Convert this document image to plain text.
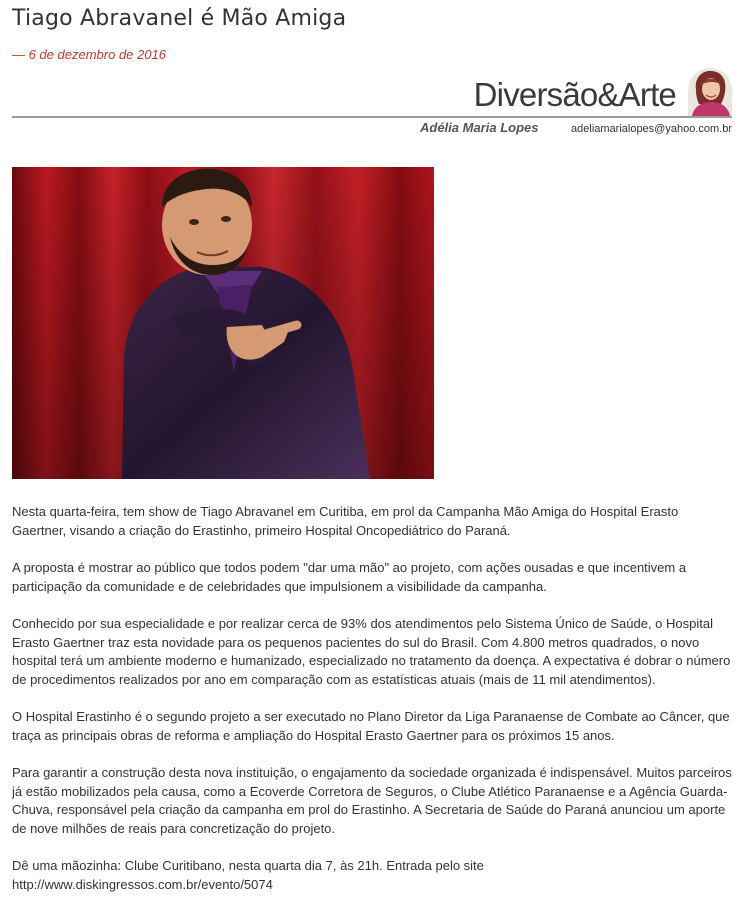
Tiago Abravanel é Mão Amiga
— 6 de dezembro de 2016
Diversão&Arte
Adélia Maria Lopes	adeliamarialopes@yahoo.com.br

Nesta quarta-feira, tem show de Tiago Abravanel em Curitiba, em prol da Campanha Mão Amiga do Hospital Erasto Gaertner, visando a criação do Erastinho, primeiro Hospital Oncopediátrico do Paraná.

A proposta é mostrar ao público que todos podem "dar uma mão" ao projeto, com ações ousadas e que incentivem a participação da comunidade e de celebridades que impulsionem a visibilidade da campanha.

Conhecido por sua especialidade e por realizar cerca de 93% dos atendimentos pelo Sistema Único de Saúde, o Hospital Erasto Gaertner traz esta novidade para os pequenos pacientes do sul do Brasil. Com 4.800 metros quadrados, o novo hospital terá um ambiente moderno e humanizado, especializado no tratamento da doença. A expectativa é dobrar o número de procedimentos realizados por ano em comparação com as estatísticas atuais (mais de 11 mil atendimentos).

O Hospital Erastinho é o segundo projeto a ser executado no Plano Diretor da Liga Paranaense de Combate ao Câncer, que traça as principais obras de reforma e ampliação do Hospital Erasto Gaertner para os próximos 15 anos.

Para garantir a construção desta nova instituição, o engajamento da sociedade organizada é indispensável. Muitos parceiros já estão mobilizados pela causa, como a Ecoverde Corretora de Seguros, o Clube Atlético Paranaense e a Agência Guarda-Chuva, responsável pela criação da campanha em prol do Erastinho. A Secretaria de Saúde do Paraná anunciou um aporte de nove milhões de reais para concretização do projeto.

Dê uma mãozinha: Clube Curitibano, nesta quarta dia 7, às 21h. Entrada pelo site
http://www.diskingressos.com.br/evento/5074
